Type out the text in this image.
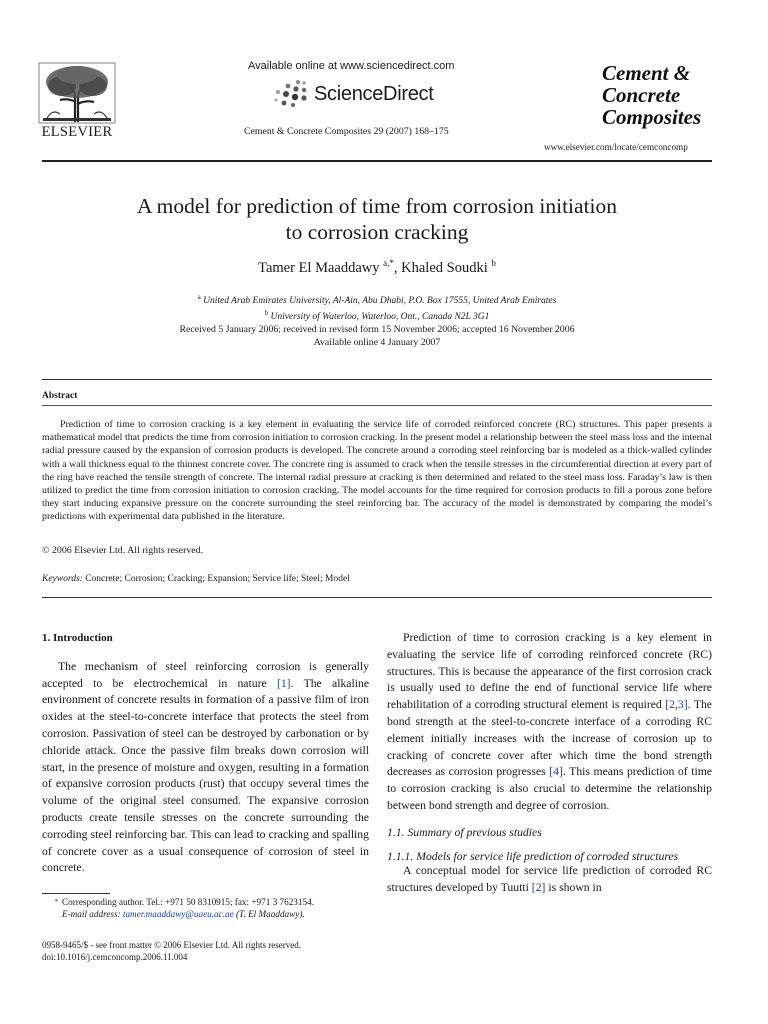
ELSEVIER
Available online at www.sciencedirect.com
ScienceDirect
Cement & Concrete Composites 29 (2007) 168–175
Cement &
Concrete
Composites
www.elsevier.com/locate/cemconcomp
A model for prediction of time from corrosion initiation
to corrosion cracking
Tamer El Maaddawy $^{a,*}$, Khaled Soudki $^b$
$^a$ United Arab Emirates University, Al-Ain, Abu Dhabi, P.O. Box 17555, United Arab Emirates
$^b$ University of Waterloo, Waterloo, Ont., Canada N2L 3G1
Received 5 January 2006; received in revised form 15 November 2006; accepted 16 November 2006
Available online 4 January 2007
Abstract

Prediction of time to corrosion cracking is a key element in evaluating the service life of corroded reinforced concrete (RC) structures. This paper presents a mathematical model that predicts the time from corrosion initiation to corrosion cracking. In the present model a relationship between the steel mass loss and the internal radial pressure caused by the expansion of corrosion products is developed. The concrete around a corroding steel reinforcing bar is modeled as a thick-walled cylinder with a wall thickness equal to the thinnest concrete cover. The concrete ring is assumed to crack when the tensile stresses in the circumferential direction at every part of the ring have reached the tensile strength of concrete. The internal radial pressure at cracking is then determined and related to the steel mass loss. Faraday’s law is then utilized to predict the time from corrosion initiation to corrosion cracking. The model accounts for the time required for corrosion products to fill a porous zone before they start inducing expansive pressure on the concrete surrounding the steel reinforcing bar. The accuracy of the model is demonstrated by comparing the model’s predictions with experimental data published in the literature.

© 2006 Elsevier Ltd. All rights reserved.
Keywords: Concrete; Corrosion; Cracking; Expansion; Service life; Steel; Model

1. Introduction

The mechanism of steel reinforcing corrosion is generally accepted to be electrochemical in nature [1]. The alkaline environment of concrete results in formation of a passive film of iron oxides at the steel-to-concrete interface that protects the steel from corrosion. Passivation of steel can be destroyed by carbonation or by chloride attack. Once the passive film breaks down corrosion will start, in the presence of moisture and oxygen, resulting in a formation of expansive corrosion products (rust) that occupy several times the volume of the original steel consumed. The expansive corrosion products create tensile stresses on the concrete surrounding the corroding steel reinforcing bar. This can lead to cracking and spalling of concrete cover as a usual consequence of corrosion of steel in concrete.

Prediction of time to corrosion cracking is a key element in evaluating the service life of corroding reinforced concrete (RC) structures. This is because the appearance of the first corrosion crack is usually used to define the end of functional service life where rehabilitation of a corroding structural element is required [2,3]. The bond strength at the steel-to-concrete interface of a corroding RC element initially increases with the increase of corrosion up to cracking of concrete cover after which time the bond strength decreases as corrosion progresses [4]. This means prediction of time to corrosion cracking is also crucial to determine the relationship between bond strength and degree of corrosion.

1.1. Summary of previous studies

1.1.1. Models for service life prediction of corroded structures

A conceptual model for service life prediction of corroded RC structures developed by Tuutti [2] is shown in

* Corresponding author. Tel.: +971 50 8310915; fax: +971 3 7623154.
E-mail address: tamer.maaddawy@uaeu.ac.ae (T. El Maaddawy).
0958-9465/$ - see front matter © 2006 Elsevier Ltd. All rights reserved.
doi:10.1016/j.cemconcomp.2006.11.004
